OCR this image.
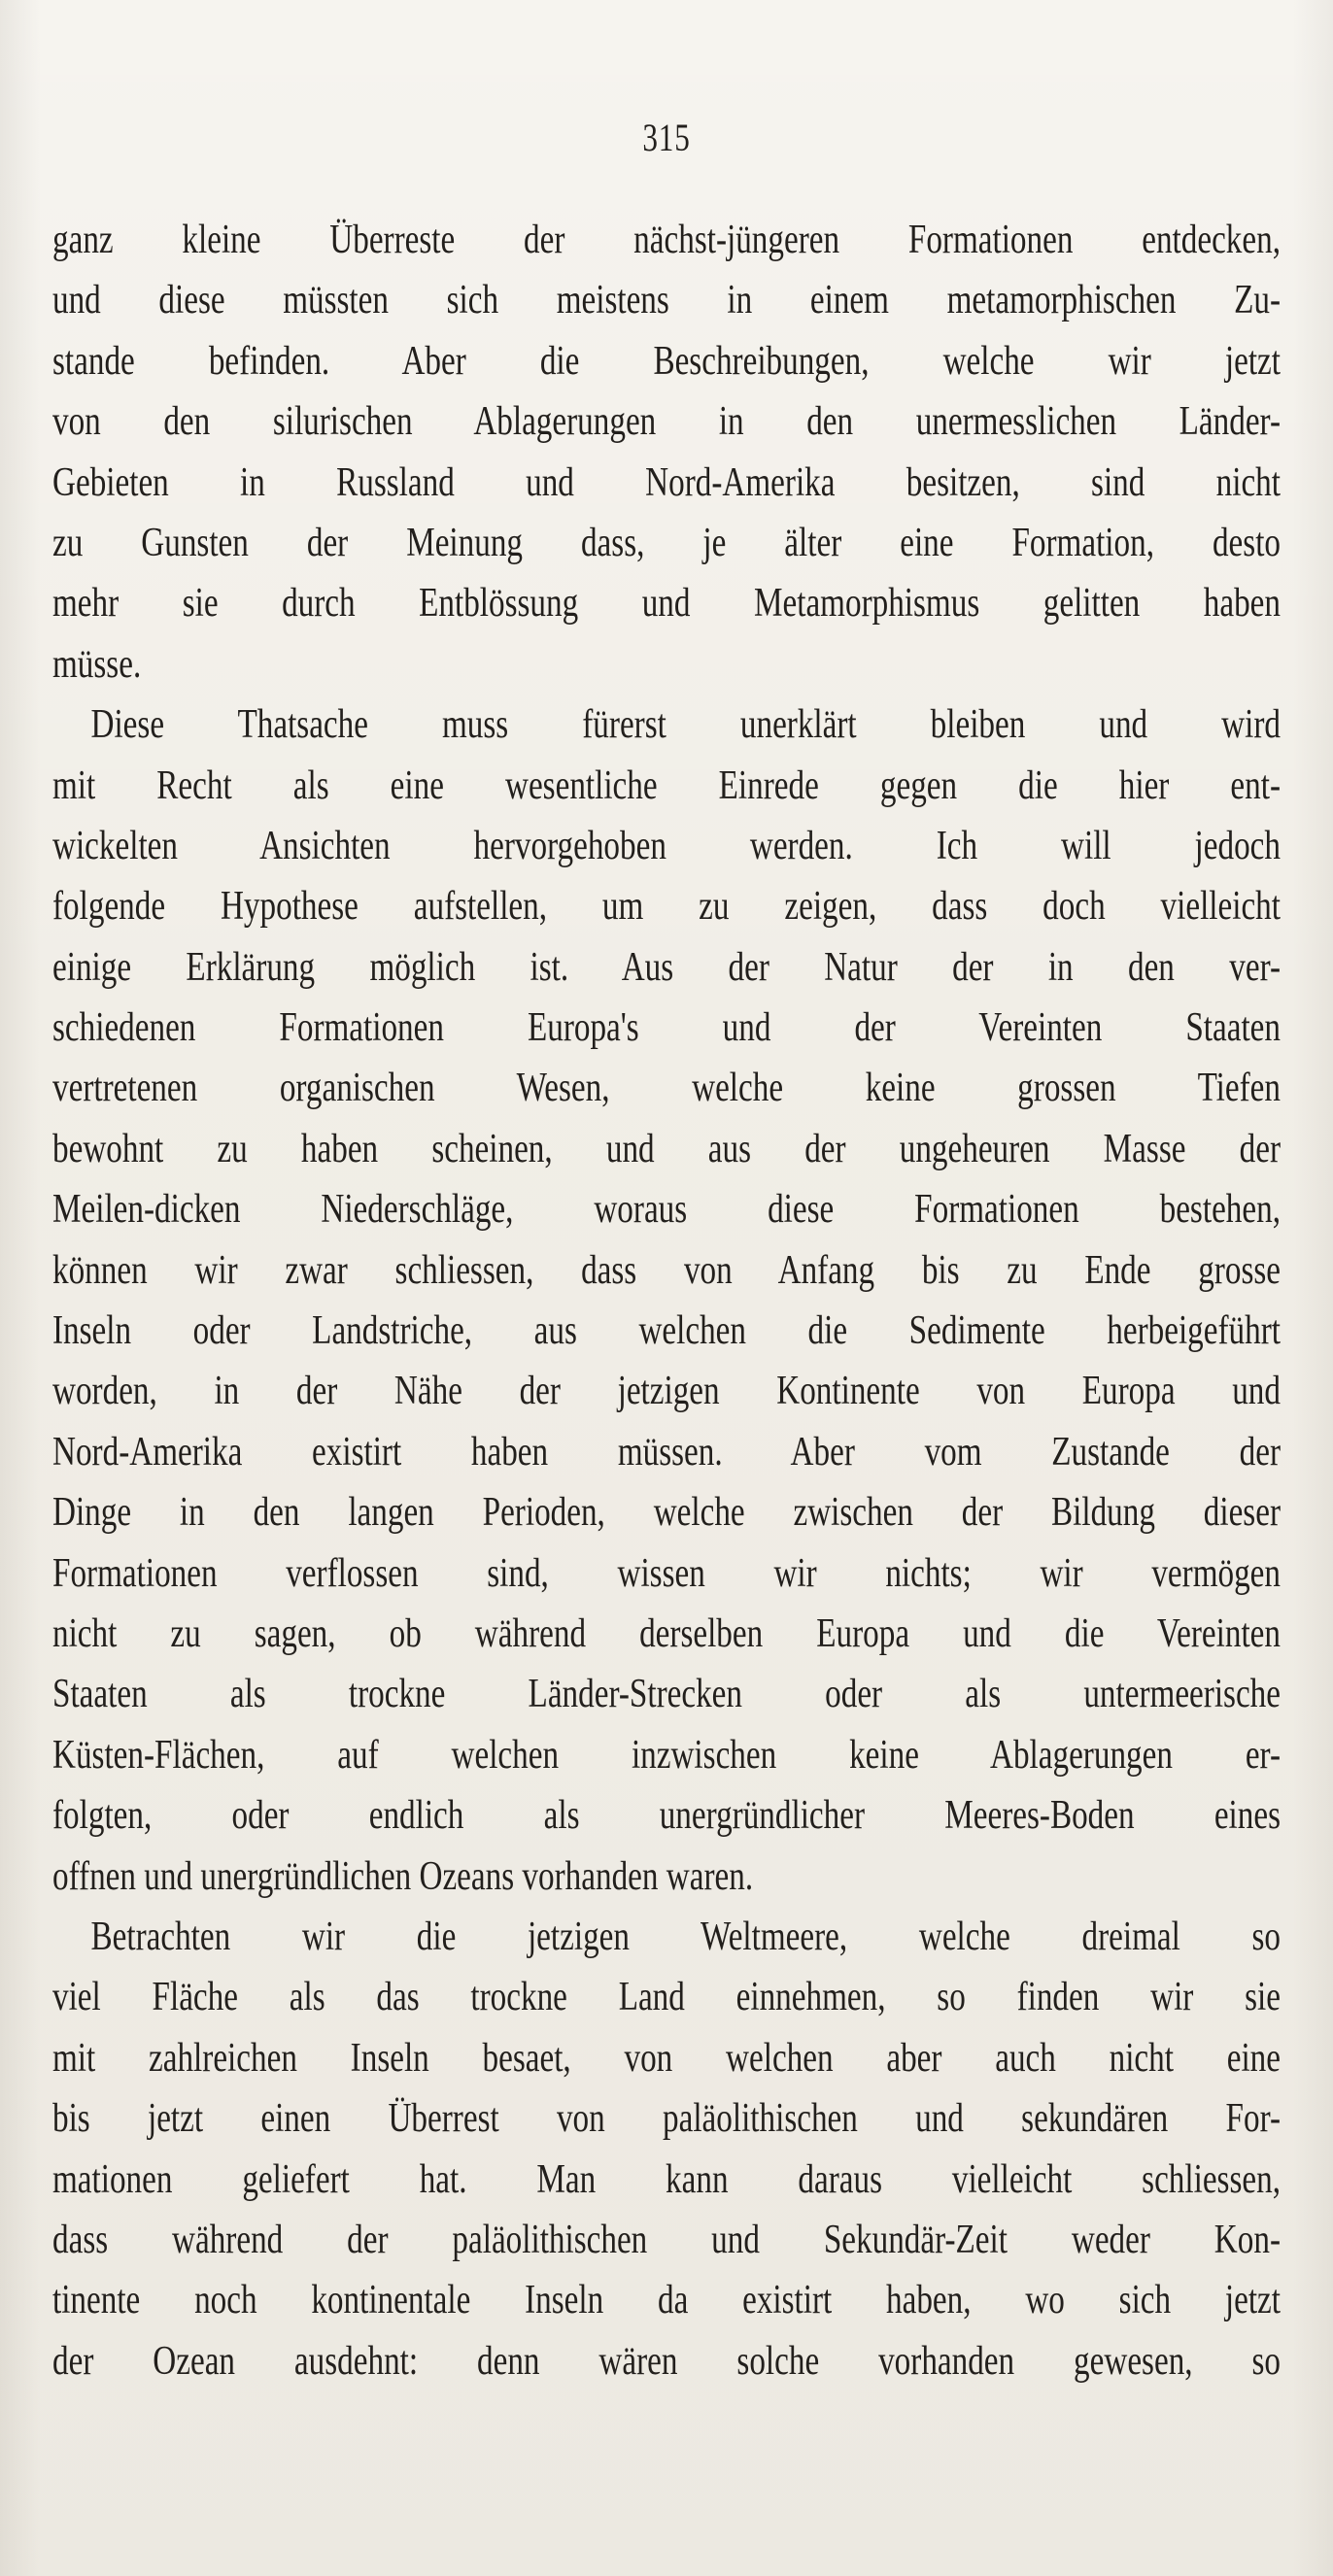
315
ganz kleine Überreste der nächst-jüngeren Formationen entdecken,
und diese müssten sich meistens in einem metamorphischen Zu-
stande befinden. Aber die Beschreibungen, welche wir jetzt
von den silurischen Ablagerungen in den unermesslichen Länder-
Gebieten in Russland und Nord-Amerika besitzen, sind nicht
zu Gunsten der Meinung dass, je älter eine Formation, desto
mehr sie durch Entblössung und Metamorphismus gelitten haben
müsse.
Diese Thatsache muss fürerst unerklärt bleiben und wird
mit Recht als eine wesentliche Einrede gegen die hier ent-
wickelten Ansichten hervorgehoben werden. Ich will jedoch
folgende Hypothese aufstellen, um zu zeigen, dass doch vielleicht
einige Erklärung möglich ist. Aus der Natur der in den ver-
schiedenen Formationen Europa's und der Vereinten Staaten
vertretenen organischen Wesen, welche keine grossen Tiefen
bewohnt zu haben scheinen, und aus der ungeheuren Masse der
Meilen-dicken Niederschläge, woraus diese Formationen bestehen,
können wir zwar schliessen, dass von Anfang bis zu Ende grosse
Inseln oder Landstriche, aus welchen die Sedimente herbeigeführt
worden, in der Nähe der jetzigen Kontinente von Europa und
Nord-Amerika existirt haben müssen. Aber vom Zustande der
Dinge in den langen Perioden, welche zwischen der Bildung dieser
Formationen verflossen sind, wissen wir nichts; wir vermögen
nicht zu sagen, ob während derselben Europa und die Vereinten
Staaten als trockne Länder-Strecken oder als untermeerische
Küsten-Flächen, auf welchen inzwischen keine Ablagerungen er-
folgten, oder endlich als unergründlicher Meeres-Boden eines
offnen und unergründlichen Ozeans vorhanden waren.
Betrachten wir die jetzigen Weltmeere, welche dreimal so
viel Fläche als das trockne Land einnehmen, so finden wir sie
mit zahlreichen Inseln besaet, von welchen aber auch nicht eine
bis jetzt einen Überrest von paläolithischen und sekundären For-
mationen geliefert hat. Man kann daraus vielleicht schliessen,
dass während der paläolithischen und Sekundär-Zeit weder Kon-
tinente noch kontinentale Inseln da existirt haben, wo sich jetzt
der Ozean ausdehnt: denn wären solche vorhanden gewesen, so
